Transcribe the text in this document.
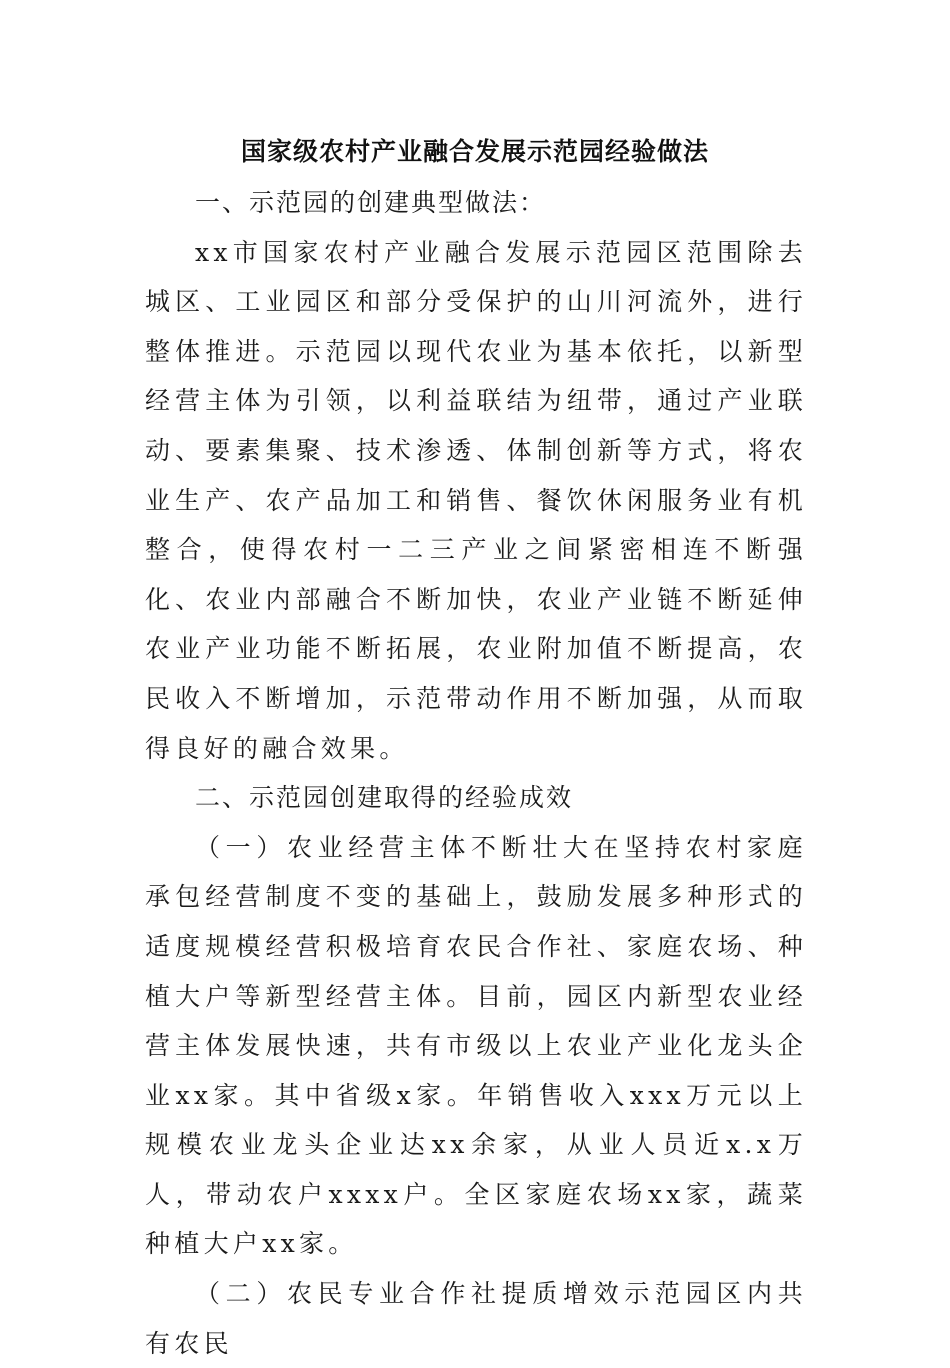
国家级农村产业融合发展示范园经验做法

一、示范园的创建典型做法：

xx市国家农村产业融合发展示范园区范围除去城区、工业园区和部分受保护的山川河流外，进行整体推进。示范园以现代农业为基本依托，以新型经营主体为引领，以利益联结为纽带，通过产业联动、要素集聚、技术渗透、体制创新等方式，将农业生产、农产品加工和销售、餐饮休闲服务业有机整合，使得农村一二三产业之间紧密相连不断强化、农业内部融合不断加快，农业产业链不断延伸农业产业功能不断拓展，农业附加值不断提高，农民收入不断增加，示范带动作用不断加强，从而取得良好的融合效果。

二、示范园创建取得的经验成效

（一）农业经营主体不断壮大在坚持农村家庭承包经营制度不变的基础上，鼓励发展多种形式的适度规模经营积极培育农民合作社、家庭农场、种植大户等新型经营主体。目前，园区内新型农业经营主体发展快速，共有市级以上农业产业化龙头企业xx家。其中省级x家。年销售收入xxx万元以上规模农业龙头企业达xx余家，从业人员近x.x万人，带动农户xxxx户。全区家庭农场xx家，蔬菜种植大户xx家。

（二）农民专业合作社提质增效示范园区内共有农民
